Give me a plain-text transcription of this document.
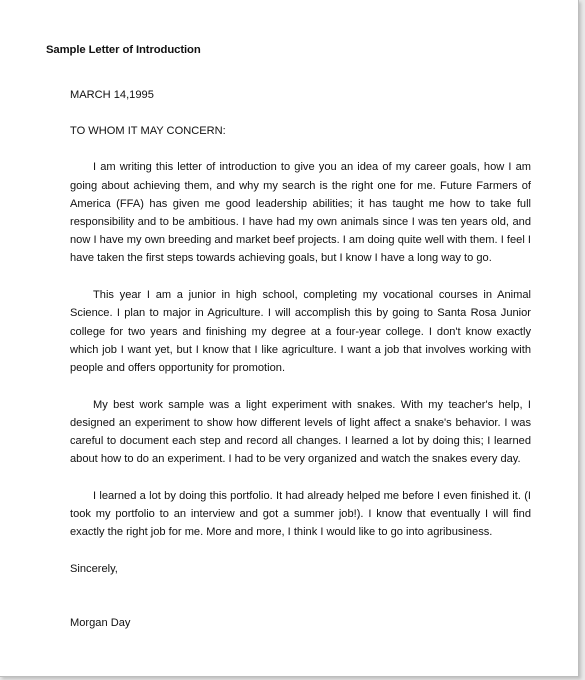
Sample Letter of Introduction

MARCH 14,1995

TO WHOM IT MAY CONCERN:

I am writing this letter of introduction to give you an idea of my career goals, how I am going about achieving them, and why my search is the right one for me. Future Farmers of America (FFA) has given me good leadership abilities; it has taught me how to take full responsibility and to be ambitious. I have had my own animals since I was ten years old, and now I have my own breeding and market beef projects. I am doing quite well with them. I feel I have taken the first steps towards achieving goals, but I know I have a long way to go.

This year I am a junior in high school, completing my vocational courses in Animal Science. I plan to major in Agriculture. I will accomplish this by going to Santa Rosa Junior college for two years and finishing my degree at a four-year college. I don't know exactly which job I want yet, but I know that I like agriculture. I want a job that involves working with people and offers opportunity for promotion.

My best work sample was a light experiment with snakes. With my teacher's help, I designed an experiment to show how different levels of light affect a snake's behavior. I was careful to document each step and record all changes. I learned a lot by doing this; I learned about how to do an experiment. I had to be very organized and watch the snakes every day.

I learned a lot by doing this portfolio. It had already helped me before I even finished it. (I took my portfolio to an interview and got a summer job!). I know that eventually I will find exactly the right job for me. More and more, I think I would like to go into agribusiness.

Sincerely,

Morgan Day
